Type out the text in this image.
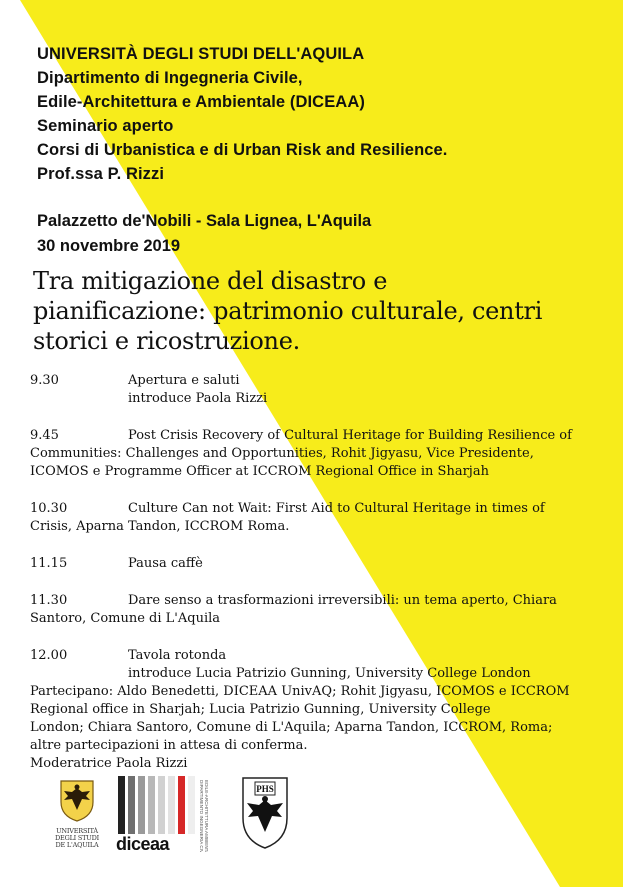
UNIVERSITÀ DEGLI STUDI DELL'AQUILA
Dipartimento di Ingegneria Civile,
Edile-Architettura e Ambientale (DICEAA)
Seminario aperto
Corsi di Urbanistica e di Urban Risk and Resilience.
Prof.ssa P. Rizzi
Palazzetto de'Nobili - Sala Lignea, L'Aquila
30 novembre 2019
Tra mitigazione del disastro e
pianificazione: patrimonio culturale, centri
storici e ricostruzione.
9.30	Apertura e saluti
introduce Paola Rizzi
9.45	Post Crisis Recovery of Cultural Heritage for Building Resilience of
Communities: Challenges and Opportunities, Rohit Jigyasu, Vice Presidente,
ICOMOS e Programme Officer at ICCROM Regional Office in Sharjah
10.30	Culture Can not Wait: First Aid to Cultural Heritage in times of
Crisis, Aparna Tandon, ICCROM Roma.
11.15	Pausa caffè
11.30	Dare senso a trasformazioni irreversibili: un tema aperto, Chiara
Santoro, Comune di L'Aquila
12.00	Tavola rotonda
introduce Lucia Patrizio Gunning, University College London
Partecipano: Aldo Benedetti, DICEAA UnivAQ; Rohit Jigyasu, ICOMOS e ICCROM
Regional office in Sharjah; Lucia Patrizio Gunning, University College
London; Chiara Santoro, Comune di L'Aquila; Aparna Tandon, ICCROM, Roma;
altre partecipazioni in attesa di conferma.
Moderatrice Paola Rizzi
UNIVERSITÀ
DEGLI STUDI
DE L'AQUILA	DIPARTIMENTO INGEGNERIA CIVILE EDILE-ARCHITETTURA AMBIENTALE
diceaa
PHS
